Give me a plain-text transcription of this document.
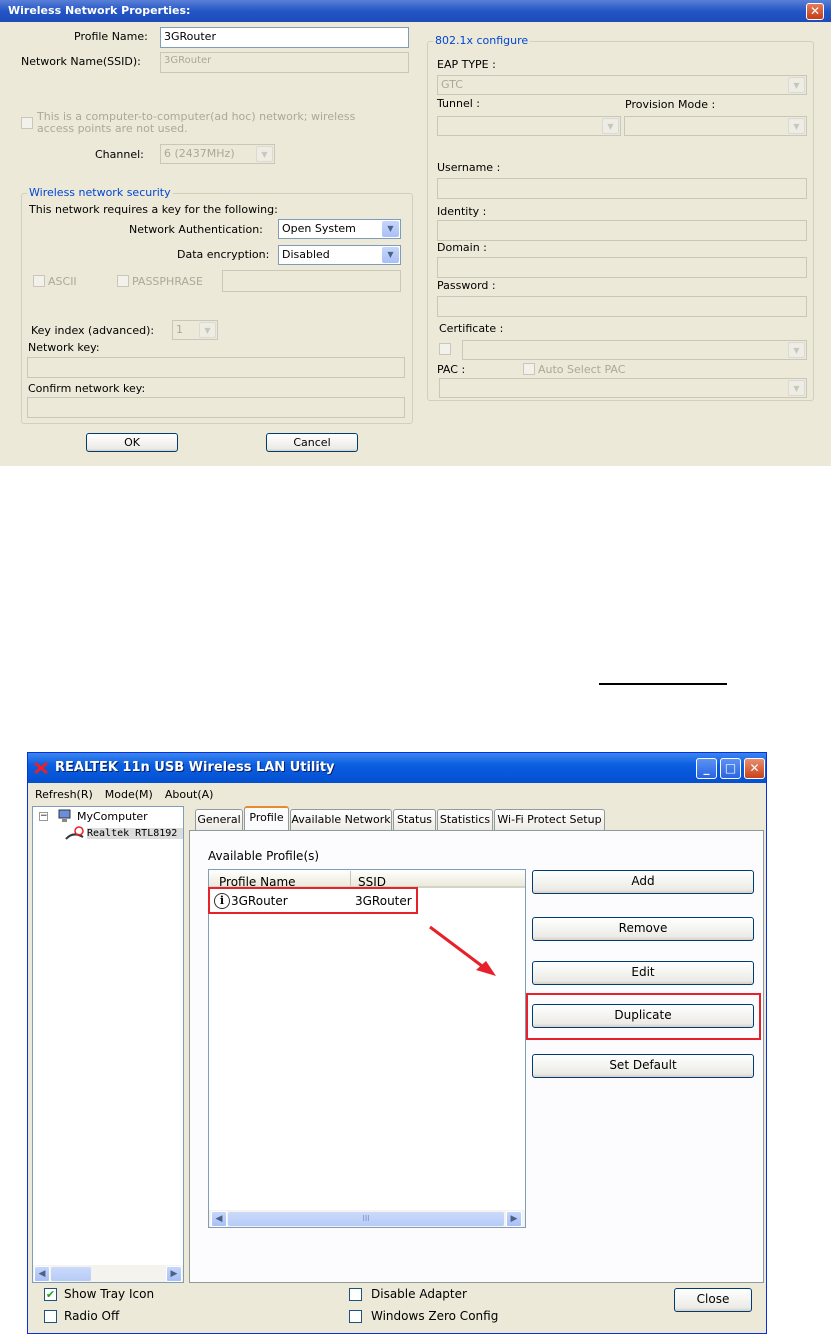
Wireless Network Properties:	✕
Profile Name:	3GRouter
Network Name(SSID):	3GRouter
This is a computer-to-computer(ad hoc) network; wireless
access points are not used.
Channel:	6 (2437MHz)	▼
Wireless network security
This network requires a key for the following:
Network Authentication:	Open System	▼
Data encryption:	Disabled	▼
ASCII	PASSPHRASE
Key index (advanced):	1	▼
Network key:
Confirm network key:
OK	Cancel
802.1x configure
EAP TYPE :
GTC	▼
Tunnel :	Provision Mode :
▼	▼
Username :
Identity :
Domain :
Password :
Certificate :
▼
PAC :	Auto Select PAC
▼
REALTEK 11n USB Wireless LAN Utility	_	□	✕
Refresh(R) Mode(M) About(A)
−	MyComputer
Realtek RTL8192
◀	▶
General Profile Available Network Status Statistics Wi-Fi Protect Setup
Available Profile(s)
Profile Name	SSID
i 3GRouter	3GRouter
◀	III	▶
Add
Remove
Edit
Duplicate
Set Default
✔ Show Tray Icon
Radio Off
Disable Adapter
Windows Zero Config
Close
